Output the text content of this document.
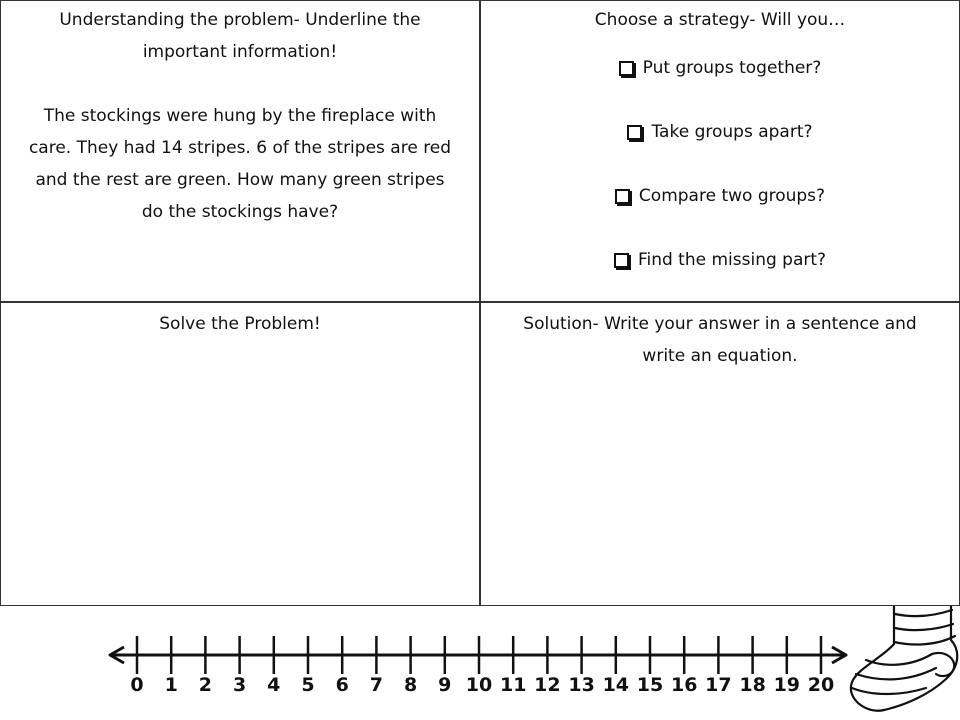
Understanding the problem- Underline the

important information!

The stockings were hung by the fireplace with

care. They had 14 stripes. 6 of the stripes are red

and the rest are green. How many green stripes

do the stockings have?

Choose a strategy- Will you…

Put groups together?
Take groups apart?
Compare two groups?
Find the missing part?

Solve the Problem!	Solution- Write your answer in a sentence and

write an equation.

0 1 2 3 4 5 6 7 8 9 10 11 12 13 14 15 16 17 18 19 20
